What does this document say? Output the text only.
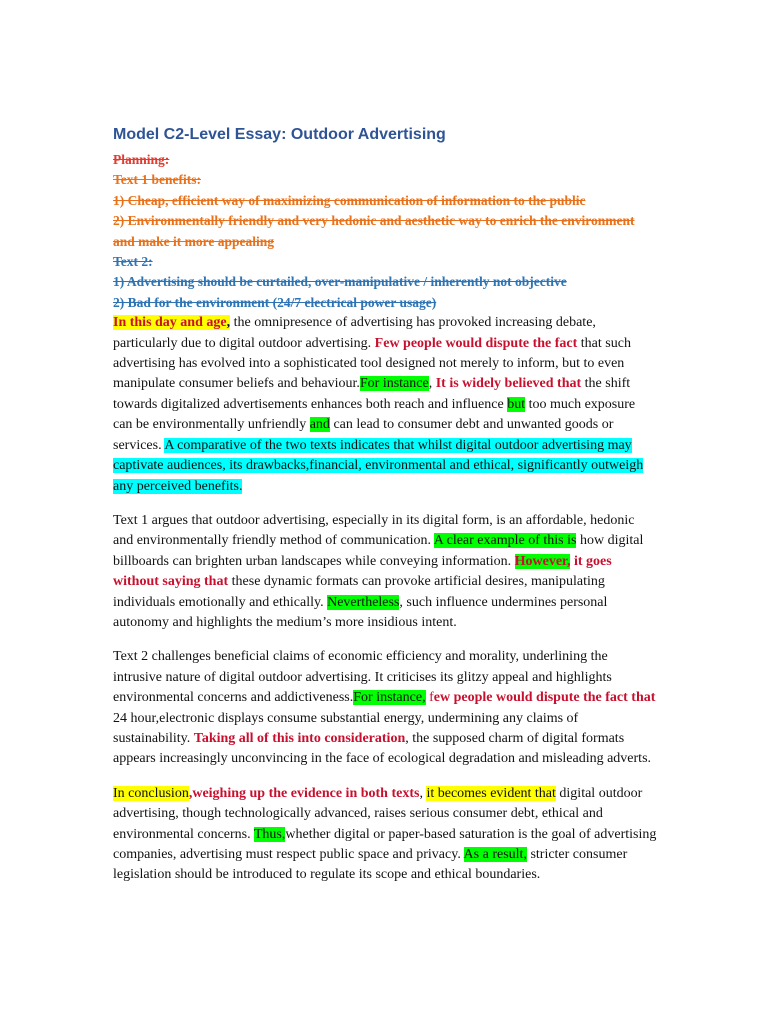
Model C2-Level Essay: Outdoor Advertising

Planning:

Text 1 benefits:

1) Cheap, efficient way of maximizing communication of information to the public

2) Environmentally friendly and very hedonic and aesthetic way to enrich the environment and make it more appealing

Text 2:

1) Advertising should be curtailed, over-manipulative / inherently not objective

2) Bad for the environment (24/7 electrical power usage)

In this day and age, the omnipresence of advertising has provoked increasing debate, particularly due to digital outdoor advertising. Few people would dispute the fact that such advertising has evolved into a sophisticated tool designed not merely to inform, but to even manipulate consumer beliefs and behaviour.For instance, It is widely believed that the shift towards digitalized advertisements enhances both reach and influence but too much exposure can be environmentally unfriendly and can lead to consumer debt and unwanted goods or services. A comparative of the two texts indicates that whilst digital outdoor advertising may captivate audiences, its drawbacks,financial, environmental and ethical, significantly outweigh any perceived benefits.

Text 1 argues that outdoor advertising, especially in its digital form, is an affordable, hedonic and environmentally friendly method of communication. A clear example of this is how digital billboards can brighten urban landscapes while conveying information. However, it goes without saying that these dynamic formats can provoke artificial desires, manipulating individuals emotionally and ethically. Nevertheless, such influence undermines personal autonomy and highlights the medium’s more insidious intent.

Text 2 challenges beneficial claims of economic efficiency and morality, underlining the intrusive nature of digital outdoor advertising. It criticises its glitzy appeal and highlights environmental concerns and addictiveness.For instance, few people would dispute the fact that 24 hour,electronic displays consume substantial energy, undermining any claims of sustainability. Taking all of this into consideration, the supposed charm of digital formats appears increasingly unconvincing in the face of ecological degradation and misleading adverts.

In conclusion,weighing up the evidence in both texts, it becomes evident that digital outdoor advertising, though technologically advanced, raises serious consumer debt, ethical and environmental concerns. Thus,whether digital or paper-based saturation is the goal of advertising companies, advertising must respect public space and privacy. As a result, stricter consumer legislation should be introduced to regulate its scope and ethical boundaries.
